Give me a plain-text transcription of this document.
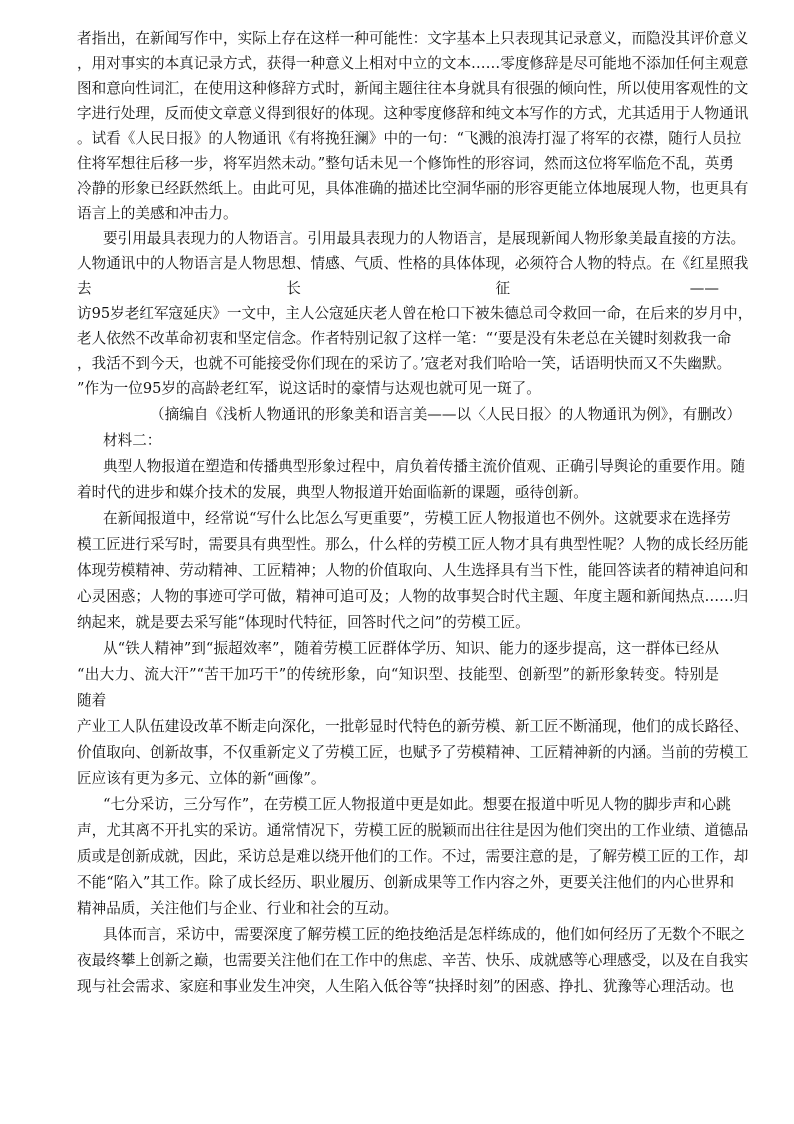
者指出，在新闻写作中，实际上存在这样一种可能性：文字基本上只表现其记录意义，而隐没其评价意义
，用对事实的本真记录方式，获得一种意义上相对中立的文本……零度修辞是尽可能地不添加任何主观意
图和意向性词汇，在使用这种修辞方式时，新闻主题往往本身就具有很强的倾向性，所以使用客观性的文
字进行处理，反而使文章意义得到很好的体现。这种零度修辞和纯文本写作的方式，尤其适用于人物通讯
。试看《人民日报》的人物通讯《有将挽狂澜》中的一句：“飞溅的浪涛打湿了将军的衣襟，随行人员拉
住将军想往后移一步，将军岿然未动。”整句话未见一个修饰性的形容词，然而这位将军临危不乱，英勇
冷静的形象已经跃然纸上。由此可见，具体准确的描述比空洞华丽的形容更能立体地展现人物，也更具有
语言上的美感和冲击力。
要引用最具表现力的人物语言。引用最具表现力的人物语言，是展现新闻人物形象美最直接的方法。
人物通讯中的人物语言是人物思想、情感、气质、性格的具体体现，必须符合人物的特点。在《红星照我
去　　　　　　　　　　　　　长　　　　　　　　　　　　　征　　　　　　　　　　　　——
访95岁老红军寇延庆》一文中，主人公寇延庆老人曾在枪口下被朱德总司令救回一命，在后来的岁月中，
老人依然不改革命初衷和坚定信念。作者特别记叙了这样一笔：“‘要是没有朱老总在关键时刻救我一命
，我活不到今天，也就不可能接受你们现在的采访了。’寇老对我们哈哈一笑，话语明快而又不失幽默。
”作为一位95岁的高龄老红军，说这话时的豪情与达观也就可见一斑了。
（摘编自《浅析人物通讯的形象美和语言美——以〈人民日报〉的人物通讯为例》，有删改）
材料二：
典型人物报道在塑造和传播典型形象过程中，肩负着传播主流价值观、正确引导舆论的重要作用。随
着时代的进步和媒介技术的发展，典型人物报道开始面临新的课题，亟待创新。
在新闻报道中，经常说“写什么比怎么写更重要”，劳模工匠人物报道也不例外。这就要求在选择劳
模工匠进行采写时，需要具有典型性。那么，什么样的劳模工匠人物才具有典型性呢？人物的成长经历能
体现劳模精神、劳动精神、工匠精神；人物的价值取向、人生选择具有当下性，能回答读者的精神追问和
心灵困惑；人物的事迹可学可做，精神可追可及；人物的故事契合时代主题、年度主题和新闻热点……归
纳起来，就是要去采写能“体现时代特征，回答时代之问”的劳模工匠。
从“铁人精神”到“振超效率”，随着劳模工匠群体学历、知识、能力的逐步提高，这一群体已经从
“出大力、流大汗”“苦干加巧干”的传统形象，向“知识型、技能型、创新型”的新形象转变。特别是
随着
产业工人队伍建设改革不断走向深化，一批彰显时代特色的新劳模、新工匠不断涌现，他们的成长路径、
价值取向、创新故事，不仅重新定义了劳模工匠，也赋予了劳模精神、工匠精神新的内涵。当前的劳模工
匠应该有更为多元、立体的新“画像”。
“七分采访，三分写作”，在劳模工匠人物报道中更是如此。想要在报道中听见人物的脚步声和心跳
声，尤其离不开扎实的采访。通常情况下，劳模工匠的脱颖而出往往是因为他们突出的工作业绩、道德品
质或是创新成就，因此，采访总是难以绕开他们的工作。不过，需要注意的是，了解劳模工匠的工作，却
不能“陷入”其工作。除了成长经历、职业履历、创新成果等工作内容之外，更要关注他们的内心世界和
精神品质，关注他们与企业、行业和社会的互动。
具体而言，采访中，需要深度了解劳模工匠的绝技绝活是怎样练成的，他们如何经历了无数个不眠之
夜最终攀上创新之巅，也需要关注他们在工作中的焦虑、辛苦、快乐、成就感等心理感受，以及在自我实
现与社会需求、家庭和事业发生冲突，人生陷入低谷等“抉择时刻”的困惑、挣扎、犹豫等心理活动。也
